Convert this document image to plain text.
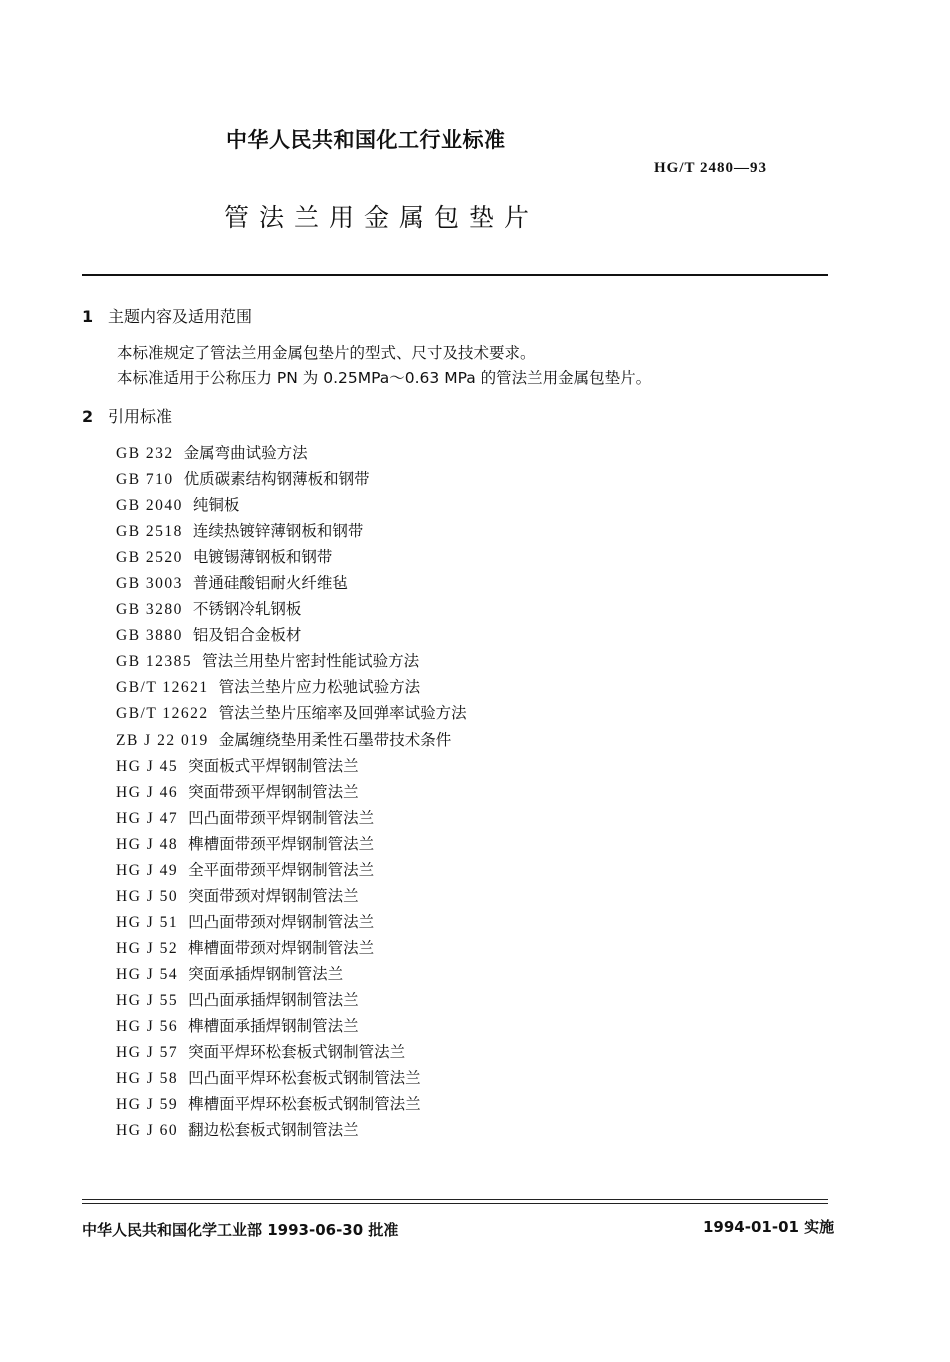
中华人民共和国化工行业标准
HG/T 2480—93
管法兰用金属包垫片
1 主题内容及适用范围
本标准规定了管法兰用金属包垫片的型式、尺寸及技术要求。
本标准适用于公称压力 PN 为 0.25MPa～0.63 MPa 的管法兰用金属包垫片。
2 引用标准
GB 232 金属弯曲试验方法
GB 710 优质碳素结构钢薄板和钢带
GB 2040 纯铜板
GB 2518 连续热镀锌薄钢板和钢带
GB 2520 电镀锡薄钢板和钢带
GB 3003 普通硅酸铝耐火纤维毡
GB 3280 不锈钢冷轧钢板
GB 3880 铝及铝合金板材
GB 12385 管法兰用垫片密封性能试验方法
GB/T 12621 管法兰垫片应力松驰试验方法
GB/T 12622 管法兰垫片压缩率及回弹率试验方法
ZB J 22 019 金属缠绕垫用柔性石墨带技术条件
HG J 45 突面板式平焊钢制管法兰
HG J 46 突面带颈平焊钢制管法兰
HG J 47 凹凸面带颈平焊钢制管法兰
HG J 48 榫槽面带颈平焊钢制管法兰
HG J 49 全平面带颈平焊钢制管法兰
HG J 50 突面带颈对焊钢制管法兰
HG J 51 凹凸面带颈对焊钢制管法兰
HG J 52 榫槽面带颈对焊钢制管法兰
HG J 54 突面承插焊钢制管法兰
HG J 55 凹凸面承插焊钢制管法兰
HG J 56 榫槽面承插焊钢制管法兰
HG J 57 突面平焊环松套板式钢制管法兰
HG J 58 凹凸面平焊环松套板式钢制管法兰
HG J 59 榫槽面平焊环松套板式钢制管法兰
HG J 60 翻边松套板式钢制管法兰
中华人民共和国化学工业部 1993-06-30 批准	1994-01-01 实施
